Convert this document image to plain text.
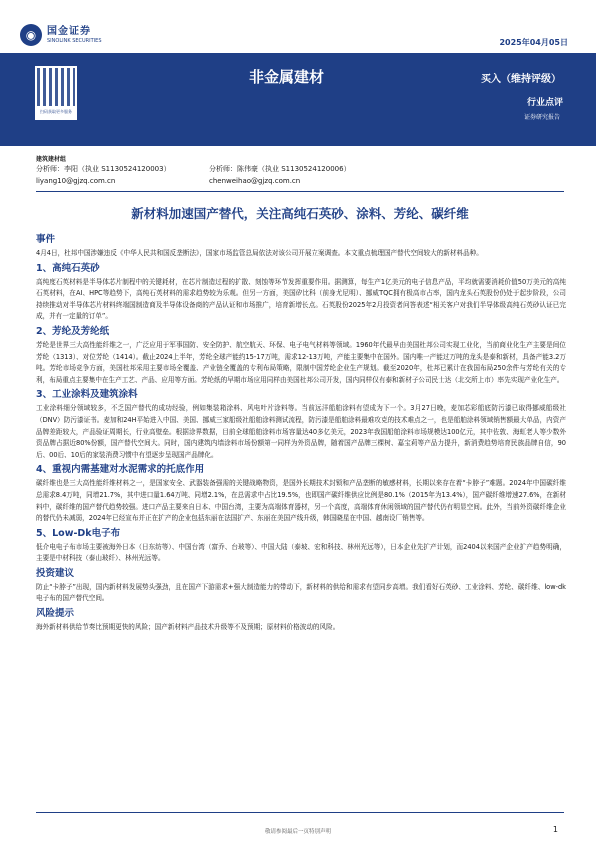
◉	国金证券
SINOLINK SECURITIES	2025年04月05日
扫码获取更多服务
非金属建材	买入（维持评级）
行业点评
证券研究报告
建筑建材组
分析师：李阳（执业 S1130524120003）
liyang10@gjzq.com.cn
分析师：陈伟豪（执业 S1130524120006）
chenweihao@gjzq.com.cn
新材料加速国产替代，关注高纯石英砂、涂料、芳纶、碳纤维
事件

4月4日，杜邦中国涉嫌违反《中华人民共和国反垄断法》，国家市场监管总局依法对该公司开展立案调查。本文重点梳理国产替代空间较大的新材料品种。

1、高纯石英砂

高纯度石英材料是半导体芯片制程中的关键耗材，在芯片制造过程的扩散、刻蚀等环节发挥重要作用。据测算，每生产1亿美元的电子信息产品，平均就需要消耗价值50万美元的高纯石英材料，在AI、HPC等趋势下，高纯石英材料的需求趋势较为乐观。但另一方面，美国矽比科（前身尤尼明）、挪威TQC拥有极高市占率，国内龙头石英股份仍处于起步阶段，公司持续推动对半导体芯片材料终端国制造商及半导体设备商的产品认证和市场推广，培育新增长点。石英股份2025年2月投资者问答表述“相关客户对我们半导体级高纯石英砂认证已完成，并有一定量的订单”。

2、芳纶及芳纶纸

芳纶是世界三大高性能纤维之一，广泛应用于军事国防、安全防护、航空航天、环保、电子电气材料等领域。1960年代最早由美国杜邦公司实现工业化，当前商业化生产主要是间位芳纶（1313）、对位芳纶（1414）。截止2024上半年，芳纶全球产能约15-17万吨，需求12-13万吨，产能主要集中在国外。国内唯一产能过万吨的龙头是泰和新材，具备产能3.2万吨。芳纶市场竞争方面，美国杜邦采用主要市场全覆盖、产业链全覆盖的专利布局策略，限制中国芳纶企业生产规划。截至2020年，杜邦已累计在我国布局250余件与芳纶有关的专利，布局重点主要集中在生产工艺、产品、应用等方面。芳纶纸的早期市场应用同样由美国杜邦公司开发，国内同样仅有泰和新材子公司民士达（北交所上市）率先实现产业化生产。

3、工业涂料及建筑涂料

工业涂料细分领域较多，不乏国产替代的成功经验，例如集装箱涂料、风电叶片涂料等。当前远洋船舶涂料有望成为下一个。3月27日晚，麦加芯彩船底防污漆已取得挪威船级社（DNV）防污漆证书。麦加和24H平始进入中国、美国、挪威三家船级社船舶涂料测试流程，防污漆是船舶涂料最难攻克的技术难点之一，也是船舶涂料领域销售额最大单品，内资产品牌差距较大，产品验证周期长，行业高壁垒。根据涂界数据，目前全球船舶涂料市场容量达40多亿美元，2023年我国船舶涂料市场规模达100亿元，其中佐敦、海虹老人等少数外资品牌占据近80%份额，国产替代空间大。同时，国内建筑内墙涂料市场份额第一同样为外资品牌，随着国产品牌三棵树、嘉宝莉等产品力提升，新消费趋势培育民族品牌自信，90后、00后、10后的家装消费习惯中有望逐步呈现国产品牌化。

4、重视内需基建对水泥需求的托底作用

碳纤维也是三大高性能纤维材料之一，是国家安全、武器装备强需的关键战略物资，是国外长期技术封锁和产品垄断的敏感材料，长期以来存在着“卡脖子”难题。2024年中国碳纤维总需求8.4万吨，同增21.7%，其中进口量1.64万吨、同增2.1%，在总需求中占比19.5%，也即国产碳纤维供应比例是80.1%（2015年为13.4%），国产碳纤维增速27.6%，在新材料中，碳纤维的国产替代趋势较强。进口产品主要来自日本、中国台湾，主要为高端体育器材，另一个高度，高端体育休闲领域的国产替代仍有明显空间。此外，当前外资碳纤维企业的替代仍未减弱，2024年已经宣布并正在扩产的企业包括东丽在法国扩产、东丽在美国产线升级，韩国晓星在中国、越南设厂销售等。

5、Low-Dk电子布

低介电电子布市场主要被海外日本（日东纺等）、中国台湾（富乔、台玻等）、中国大陆（泰坡、宏和科技、林州光远等），日本企业先扩产计划，而2404以来国产企业扩产趋势明确，主要是中材科技（泰山玻纤）、林州光远等。

投资建议

防止“卡脖子”出现，国内新材料发展势头强劲，且在国产下游需求+强大制造能力的带动下，新材料的供给和需求有望同步高增。我们看好石英砂、工业涂料、芳纶、碳纤维、low-dk电子布的国产替代空间。

风险提示

海外新材料供给节奏比预期更快的风险；国产新材料产品技术升级等不及预期；原材料价格波动的风险。

敬请参阅最后一页特别声明	1
